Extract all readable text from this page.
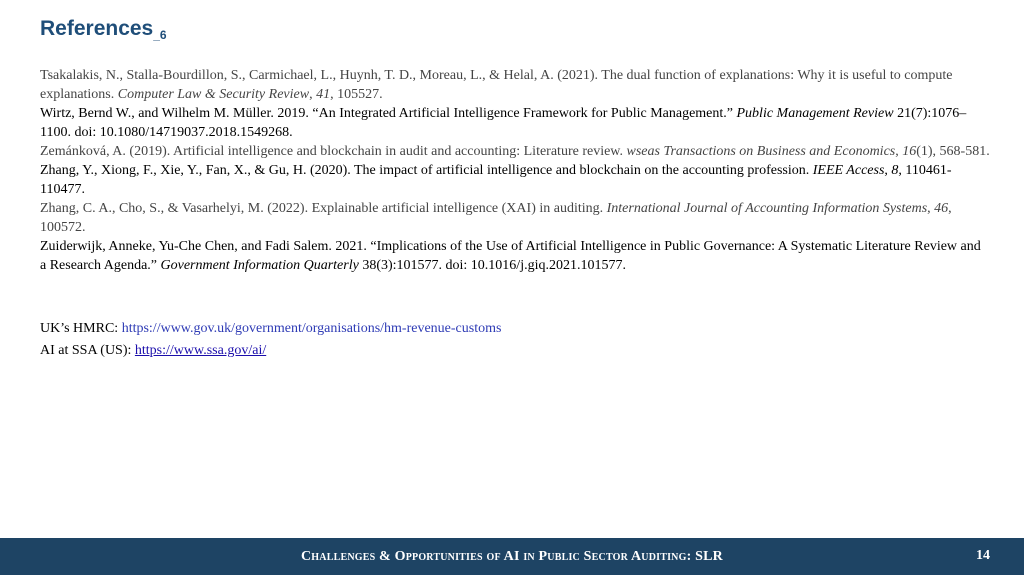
References$_{\_6}$

Tsakalakis, N., Stalla-Bourdillon, S., Carmichael, L., Huynh, T. D., Moreau, L., & Helal, A. (2021). The dual function of explanations: Why it is useful to compute explanations. Computer Law & Security Review, 41, 105527.

Wirtz, Bernd W., and Wilhelm M. Müller. 2019. “An Integrated Artificial Intelligence Framework for Public Management.” Public Management Review 21(7):1076–1100. doi: 10.1080/14719037.2018.1549268.

Zemánková, A. (2019). Artificial intelligence and blockchain in audit and accounting: Literature review. wseas Transactions on Business and Economics, 16(1), 568-581.

Zhang, Y., Xiong, F., Xie, Y., Fan, X., & Gu, H. (2020). The impact of artificial intelligence and blockchain on the accounting profession. IEEE Access, 8, 110461-110477.

Zhang, C. A., Cho, S., & Vasarhelyi, M. (2022). Explainable artificial intelligence (XAI) in auditing. International Journal of Accounting Information Systems, 46, 100572.

Zuiderwijk, Anneke, Yu-Che Chen, and Fadi Salem. 2021. “Implications of the Use of Artificial Intelligence in Public Governance: A Systematic Literature Review and a Research Agenda.” Government Information Quarterly 38(3):101577. doi: 10.1016/j.giq.2021.101577.

UK’s HMRC: https://www.gov.uk/government/organisations/hm-revenue-customs
AI at SSA (US): https://www.ssa.gov/ai/
Challenges & Opportunities of AI in Public Sector Auditing: SLR	14
